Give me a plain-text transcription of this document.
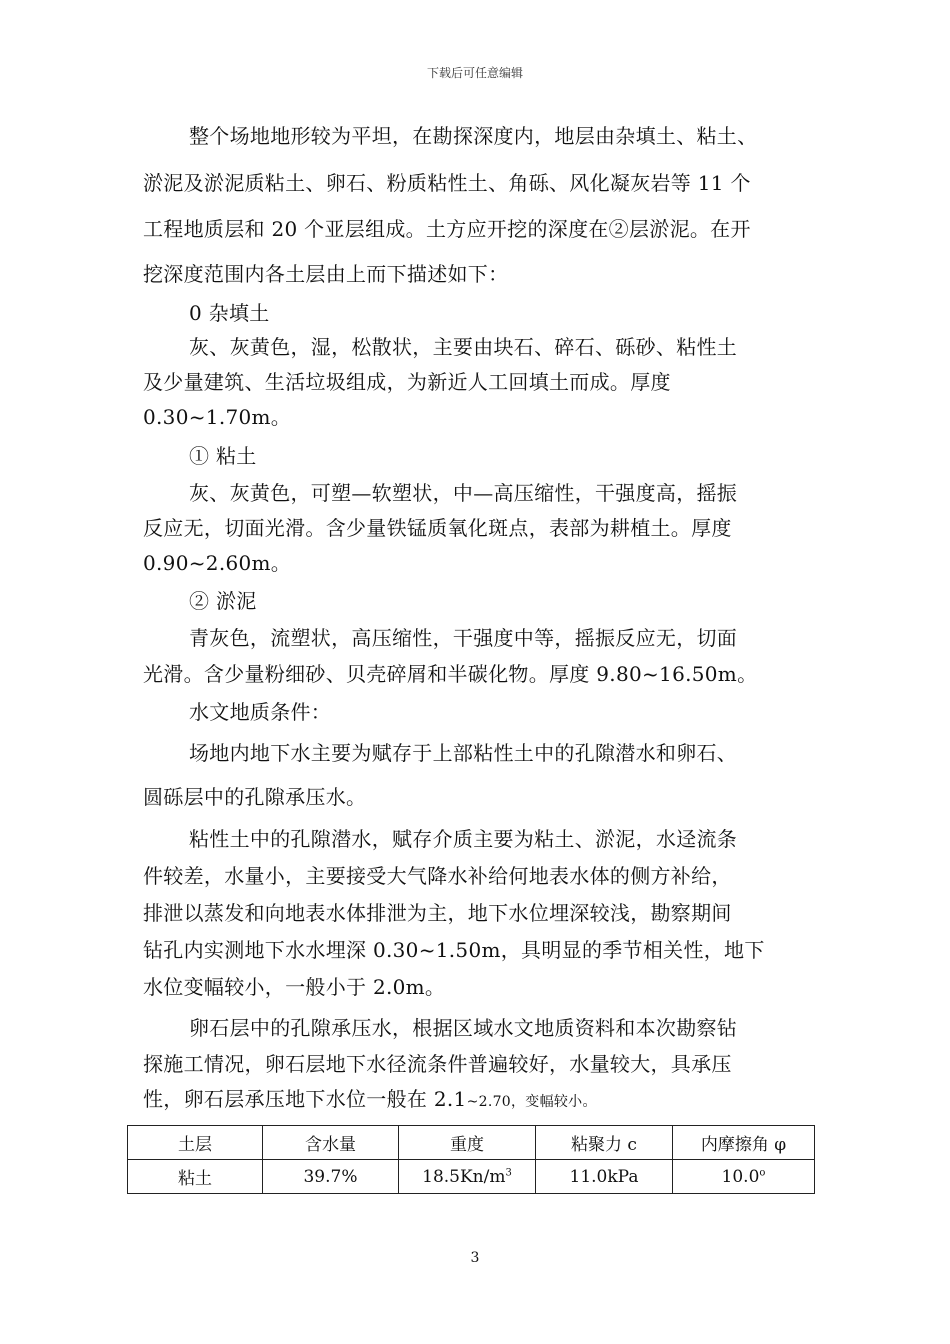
下载后可任意编辑
整个场地地形较为平坦，在勘探深度内，地层由杂填土、粘土、
淤泥及淤泥质粘土、卵石、粉质粘性土、角砾、风化凝灰岩等 11 个
工程地质层和 20 个亚层组成。土方应开挖的深度在②层淤泥。在开
挖深度范围内各土层由上而下描述如下：
0 杂填土
灰、灰黄色，湿，松散状，主要由块石、碎石、砾砂、粘性土
及少量建筑、生活垃圾组成，为新近人工回填土而成。厚度
0.30~1.70m。
① 粘土
灰、灰黄色，可塑—软塑状，中—高压缩性，干强度高，摇振
反应无，切面光滑。含少量铁锰质氧化斑点，表部为耕植土。厚度
0.90~2.60m。
② 淤泥
青灰色，流塑状，高压缩性，干强度中等，摇振反应无，切面
光滑。含少量粉细砂、贝壳碎屑和半碳化物。厚度 9.80~16.50m。
水文地质条件：
场地内地下水主要为赋存于上部粘性土中的孔隙潜水和卵石、
圆砾层中的孔隙承压水。
粘性土中的孔隙潜水，赋存介质主要为粘土、淤泥，水迳流条
件较差，水量小，主要接受大气降水补给何地表水体的侧方补给，
排泄以蒸发和向地表水体排泄为主，地下水位埋深较浅，勘察期间
钻孔内实测地下水水埋深 0.30~1.50m，具明显的季节相关性，地下
水位变幅较小，一般小于 2.0m。
卵石层中的孔隙承压水，根据区域水文地质资料和本次勘察钻
探施工情况，卵石层地下水径流条件普遍较好，水量较大，具承压
性，卵石层承压地下水位一般在 2.1~2.70，变幅较小。
土层	含水量	重度	粘聚力 c	内摩擦角 φ
粘土	39.7%	$18.5Kn/m^3$	11.0kPa	10.0$^o$
3
